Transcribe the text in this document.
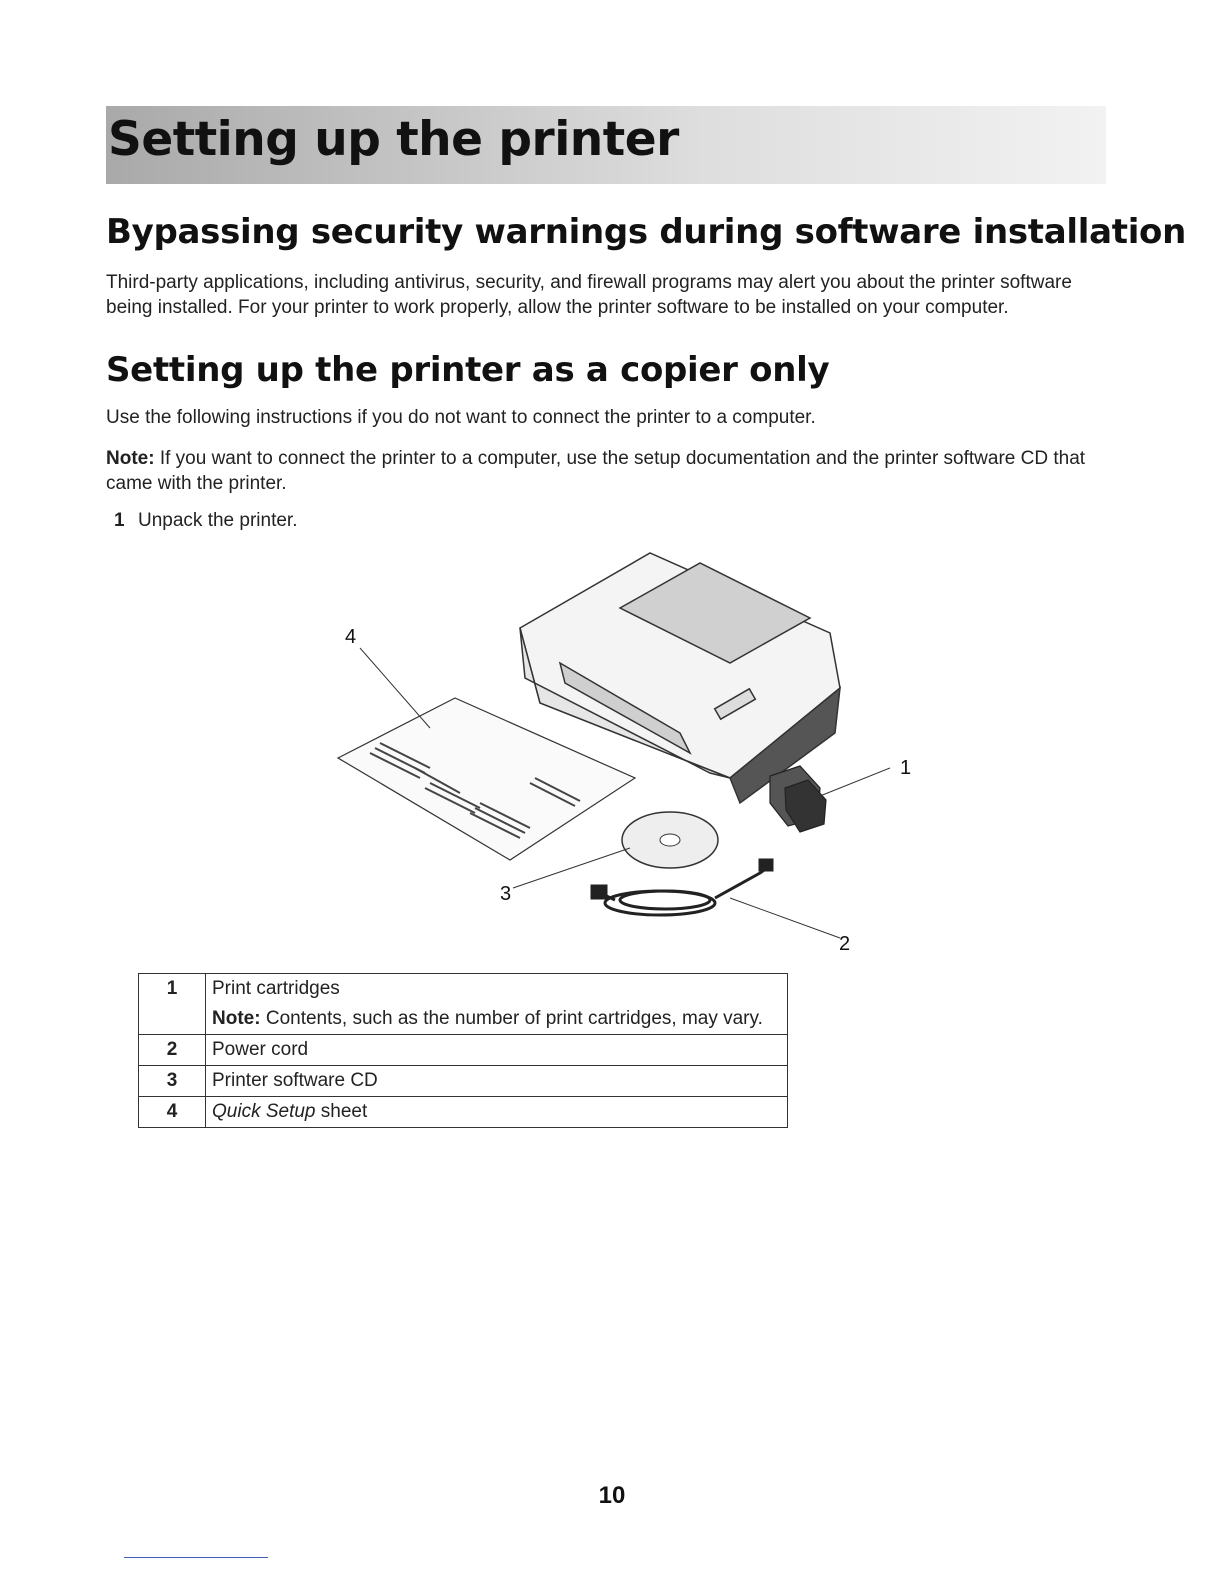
Setting up the printer
Bypassing security warnings during software installation

Third-party applications, including antivirus, security, and firewall programs may alert you about the printer software being installed. For your printer to work properly, allow the printer software to be installed on your computer.

Setting up the printer as a copier only

Use the following instructions if you do not want to connect the printer to a computer.

Note: If you want to connect the printer to a computer, use the setup documentation and the printer software CD that came with the printer.

1 Unpack the printer.
4
1
2
3
1	Print cartridges
Note: Contents, such as the number of print cartridges, may vary.

2	Power cord
3	Printer software CD
4	Quick Setup sheet
10
